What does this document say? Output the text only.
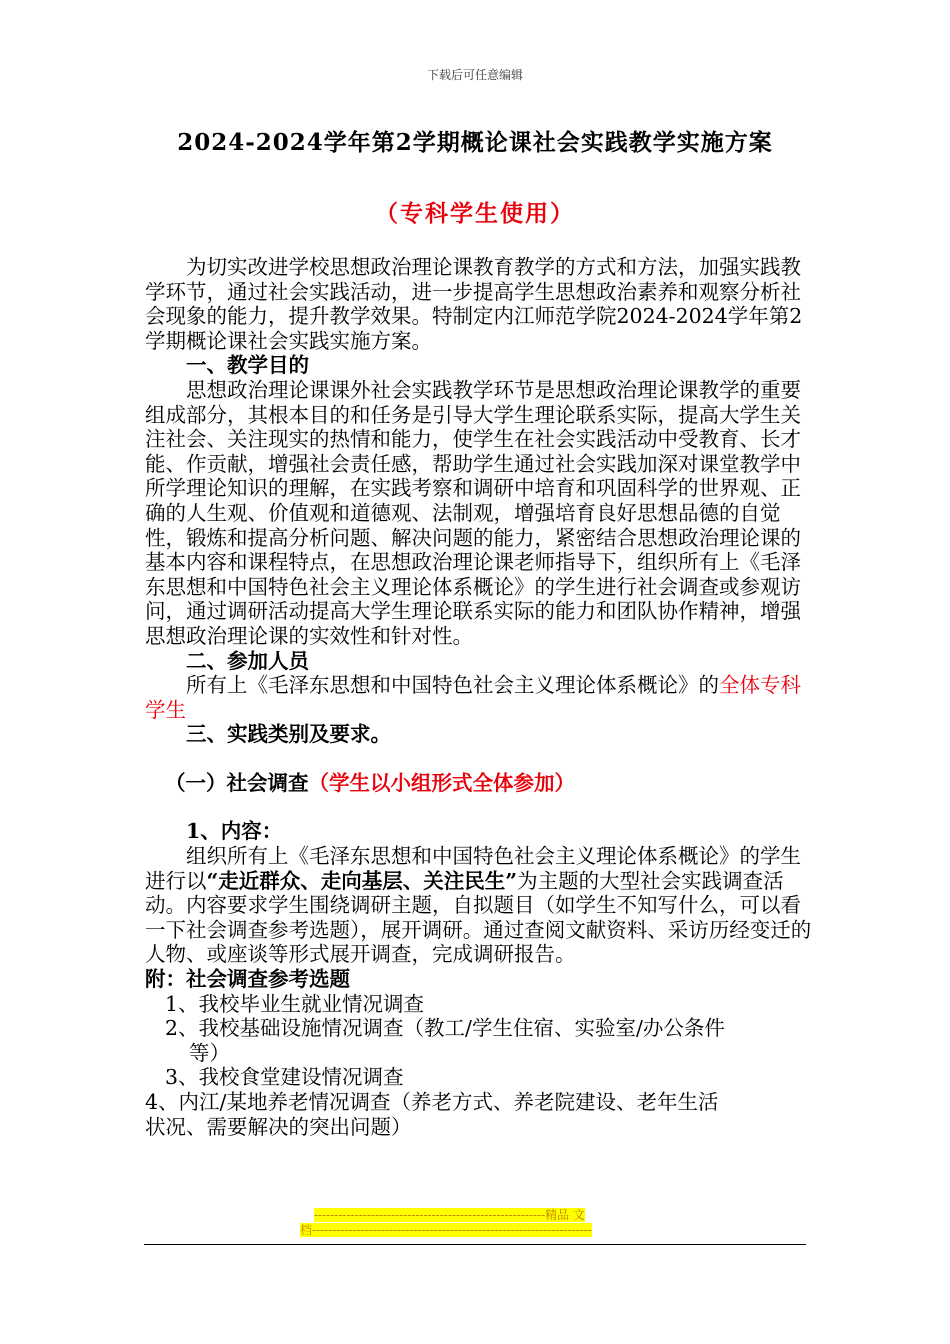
下载后可任意编辑
2024-2024学年第2学期概论课社会实践教学实施方案
（专科学生使用）

为切实改进学校思想政治理论课教育教学的方式和方法，加强实践教学环节，通过社会实践活动，进一步提高学生思想政治素养和观察分析社会现象的能力，提升教学效果。特制定内江师范学院2024-2024学年第2学期概论课社会实践实施方案。

一、教学目的

思想政治理论课课外社会实践教学环节是思想政治理论课教学的重要组成部分，其根本目的和任务是引导大学生理论联系实际，提高大学生关注社会、关注现实的热情和能力，使学生在社会实践活动中受教育、长才能、作贡献，增强社会责任感，帮助学生通过社会实践加深对课堂教学中所学理论知识的理解，在实践考察和调研中培育和巩固科学的世界观、正确的人生观、价值观和道德观、法制观，增强培育良好思想品德的自觉性，锻炼和提高分析问题、解决问题的能力，紧密结合思想政治理论课的基本内容和课程特点，在思想政治理论课老师指导下，组织所有上《毛泽东思想和中国特色社会主义理论体系概论》的学生进行社会调查或参观访问，通过调研活动提高大学生理论联系实际的能力和团队协作精神，增强思想政治理论课的实效性和针对性。

二、参加人员

所有上《毛泽东思想和中国特色社会主义理论体系概论》的全体专科学生

三、实践类别及要求。

（一）社会调查（学生以小组形式全体参加）

1、内容：

组织所有上《毛泽东思想和中国特色社会主义理论体系概论》的学生进行以“走近群众、走向基层、关注民生”为主题的大型社会实践调查活动。内容要求学生围绕调研主题，自拟题目（如学生不知写什么，可以看一下社会调查参考选题），展开调研。通过查阅文献资料、采访历经变迁的人物、或座谈等形式展开调查，完成调研报告。

附：社会调查参考选题

1、我校毕业生就业情况调查

2、我校基础设施情况调查（教工/学生住宿、实验室/办公条件

等）

3、我校食堂建设情况调查

4、内江/某地养老情况调查（养老方式、养老院建设、老年生活

状况、需要解决的突出问题）

---------------------------------------------------------精品 文
档---------------------------------------------------------------------
